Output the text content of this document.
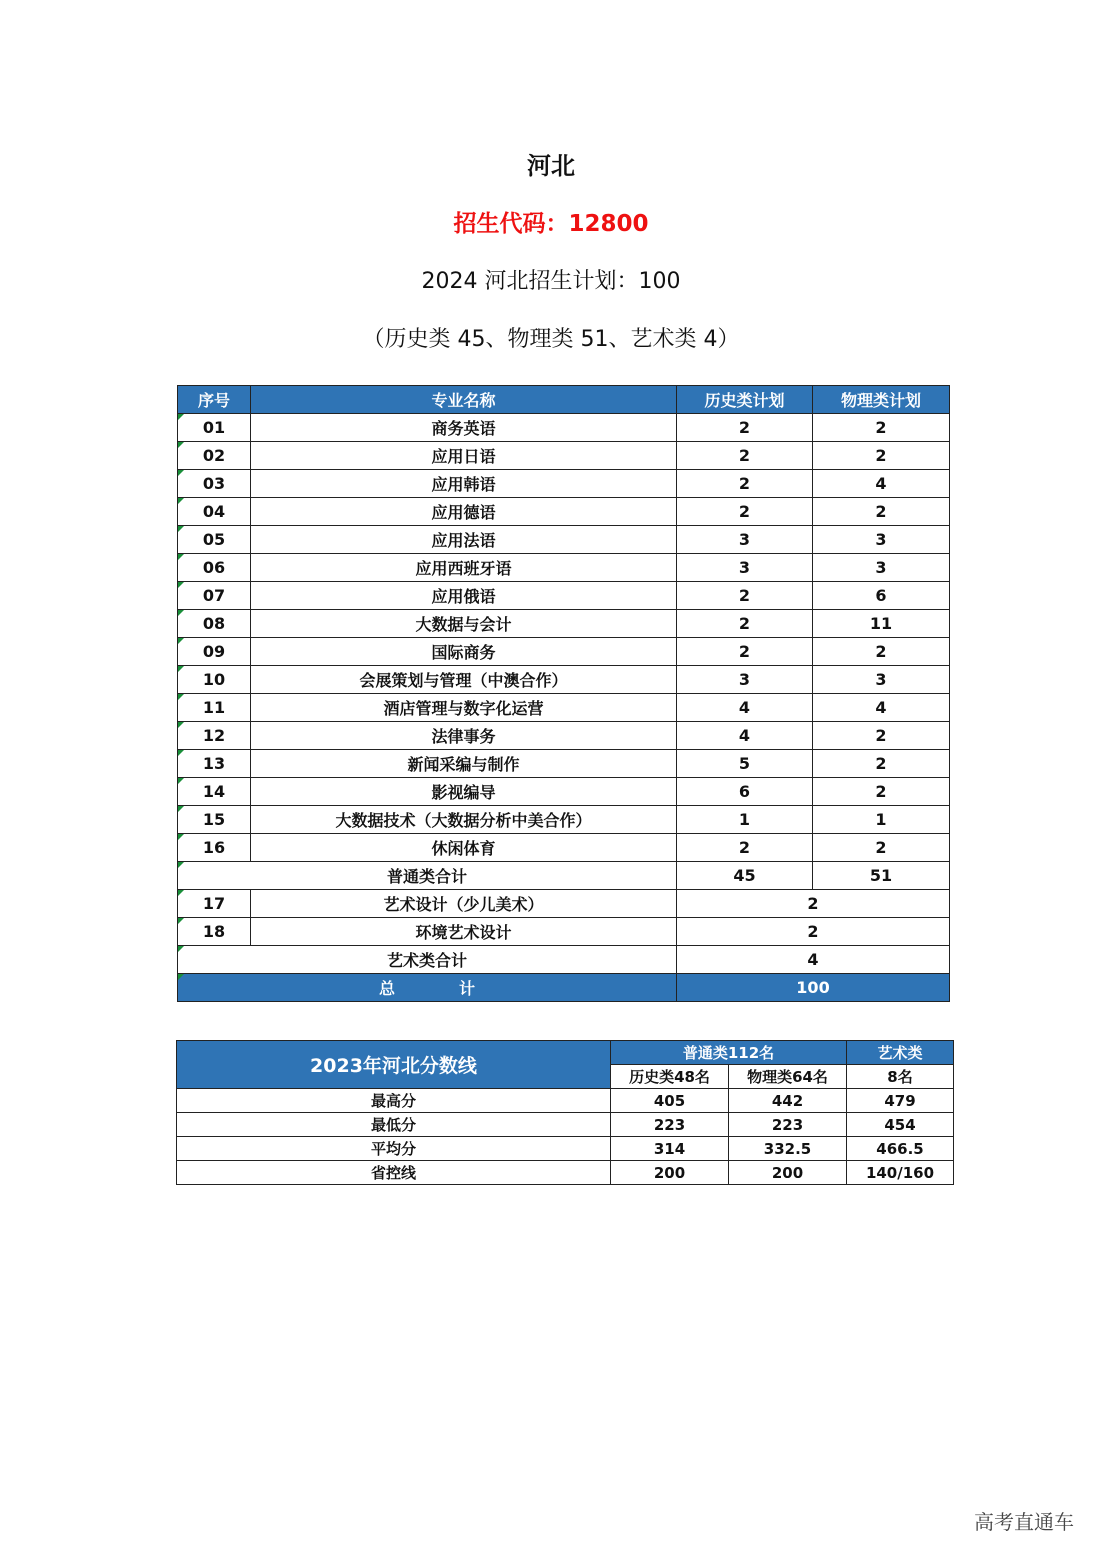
河北
招生代码：12800
2024 河北招生计划：100
（历史类 45、物理类 51、艺术类 4）
序号	专业名称	历史类计划	物理类计划
01	商务英语	2	2
02	应用日语	2	2
03	应用韩语	2	4
04	应用德语	2	2
05	应用法语	3	3
06	应用西班牙语	3	3
07	应用俄语	2	6
08	大数据与会计	2	11
09	国际商务	2	2
10	会展策划与管理（中澳合作）	3	3
11	酒店管理与数字化运营	4	4
12	法律事务	4	2
13	新闻采编与制作	5	2
14	影视编导	6	2
15	大数据技术（大数据分析中美合作）	1	1
16	休闲体育	2	2
普通类合计		45	51
17	艺术设计（少儿美术）	2	
18	环境艺术设计	2	
艺术类合计		4	
总　　　　计		100	
2023年河北分数线	普通类112名		艺术类
	历史类48名	物理类64名	8名
最高分	405	442	479
最低分	223	223	454
平均分	314	332.5	466.5
省控线	200	200	140/160
高考直通车
